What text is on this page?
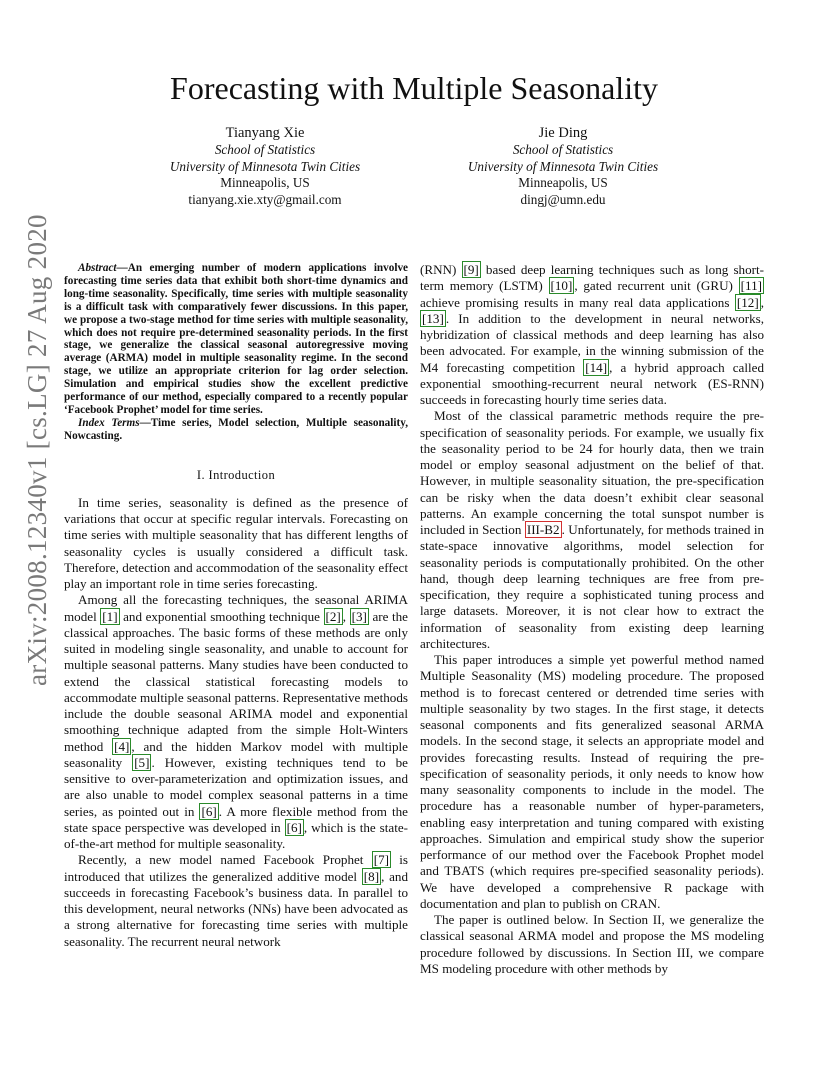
arXiv:2008.12340v1 [cs.LG] 27 Aug 2020
Forecasting with Multiple Seasonality
Tianyang Xie
School of Statistics
University of Minnesota Twin Cities
Minneapolis, US
tianyang.xie.xty@gmail.com
Jie Ding
School of Statistics
University of Minnesota Twin Cities
Minneapolis, US
dingj@umn.edu

Abstract—An emerging number of modern applications involve forecasting time series data that exhibit both short-time dynamics and long-time seasonality. Specifically, time series with multiple seasonality is a difficult task with comparatively fewer discussions. In this paper, we propose a two-stage method for time series with multiple seasonality, which does not require pre-determined seasonality periods. In the first stage, we generalize the classical seasonal autoregressive moving average (ARMA) model in multiple seasonality regime. In the second stage, we utilize an appropriate criterion for lag order selection. Simulation and empirical studies show the excellent predictive performance of our method, especially compared to a recently popular ‘Facebook Prophet’ model for time series.

Index Terms—Time series, Model selection, Multiple seasonality, Nowcasting.

I. Introduction

In time series, seasonality is defined as the presence of variations that occur at specific regular intervals. Forecasting on time series with multiple seasonality that has different lengths of seasonality cycles is usually considered a difficult task. Therefore, detection and accommodation of the seasonality effect play an important role in time series forecasting.

Among all the forecasting techniques, the seasonal ARIMA model [1] and exponential smoothing technique [2] , [3] are the classical approaches. The basic forms of these methods are only suited in modeling single seasonality, and unable to account for multiple seasonal patterns. Many studies have been conducted to extend the classical statistical forecasting models to accommodate multiple seasonal patterns. Representative methods include the double seasonal ARIMA model and exponential smoothing technique adapted from the simple Holt-Winters method [4] , and the hidden Markov model with multiple seasonality [5] . However, existing techniques tend to be sensitive to over-parameterization and optimization issues, and are also unable to model complex seasonal patterns in a time series, as pointed out in [6] . A more flexible method from the state space perspective was developed in [6] , which is the state-of-the-art method for multiple seasonality.

Recently, a new model named Facebook Prophet [7] is introduced that utilizes the generalized additive model [8] , and succeeds in forecasting Facebook’s business data. In parallel to this development, neural networks (NNs) have been advocated as a strong alternative for forecasting time series with multiple seasonality. The recurrent neural network

(RNN) [9] based deep learning techniques such as long short-term memory (LSTM) [10] , gated recurrent unit (GRU) [11] achieve promising results in many real data applications [12] , [13] . In addition to the development in neural networks, hybridization of classical methods and deep learning has also been advocated. For example, in the winning submission of the M4 forecasting competition [14] , a hybrid approach called exponential smoothing-recurrent neural network (ES-RNN) succeeds in forecasting hourly time series data.

Most of the classical parametric methods require the pre-specification of seasonality periods. For example, we usually fix the seasonality period to be 24 for hourly data, then we train model or employ seasonal adjustment on the belief of that. However, in multiple seasonality situation, the pre-specification can be risky when the data doesn’t exhibit clear seasonal patterns. An example concerning the total sunspot number is included in Section III-B2 . Unfortunately, for methods trained in state-space innovative algorithms, model selection for seasonality periods is computationally prohibited. On the other hand, though deep learning techniques are free from pre-specification, they require a sophisticated tuning process and large datasets. Moreover, it is not clear how to extract the information of seasonality from existing deep learning architectures.

This paper introduces a simple yet powerful method named Multiple Seasonality (MS) modeling procedure. The proposed method is to forecast centered or detrended time series with multiple seasonality by two stages. In the first stage, it detects seasonal components and fits generalized seasonal ARMA models. In the second stage, it selects an appropriate model and provides forecasting results. Instead of requiring the pre-specification of seasonality periods, it only needs to know how many seasonality components to include in the model. The procedure has a reasonable number of hyper-parameters, enabling easy interpretation and tuning compared with existing approaches. Simulation and empirical study show the superior performance of our method over the Facebook Prophet model and TBATS (which requires pre-specified seasonality periods). We have developed a comprehensive R package with documentation and plan to publish on CRAN.

The paper is outlined below. In Section II, we generalize the classical seasonal ARMA model and propose the MS modeling procedure followed by discussions. In Section III, we compare MS modeling procedure with other methods by
